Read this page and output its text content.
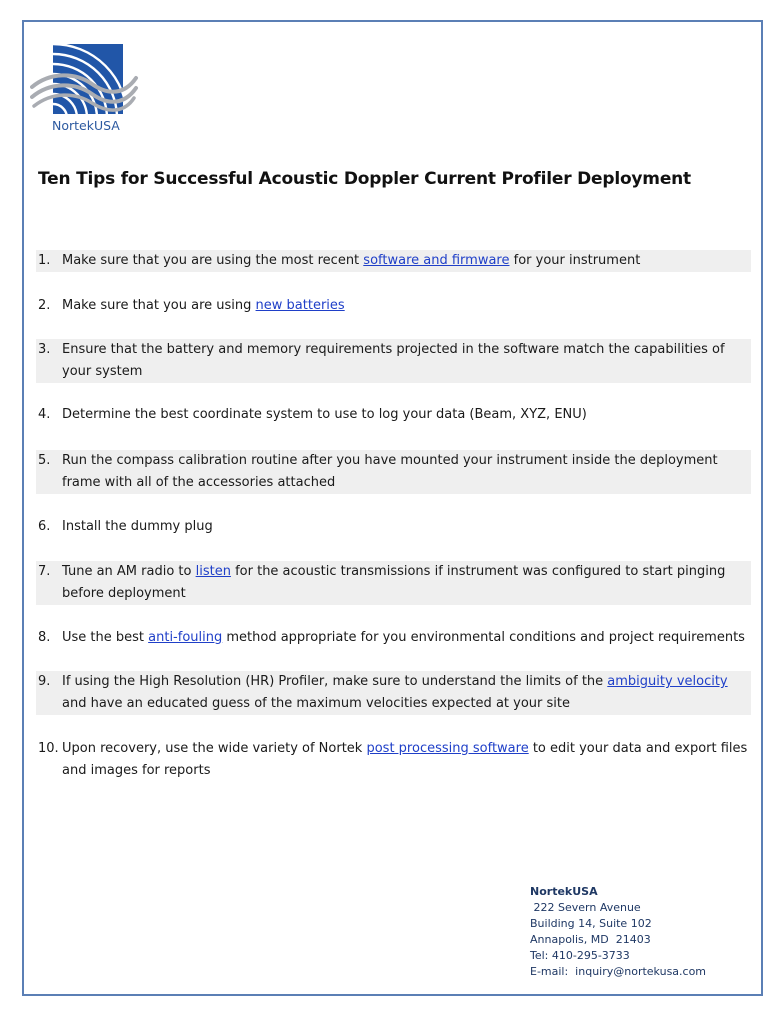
NortekUSA
Ten Tips for Successful Acoustic Doppler Current Profiler Deployment
1. Make sure that you are using the most recent software and firmware for your instrument
2. Make sure that you are using new batteries
3. Ensure that the battery and memory requirements projected in the software match the capabilities of your system
4. Determine the best coordinate system to use to log your data (Beam, XYZ, ENU)
5. Run the compass calibration routine after you have mounted your instrument inside the deployment frame with all of the accessories attached
6. Install the dummy plug
7. Tune an AM radio to listen for the acoustic transmissions if instrument was configured to start pinging before deployment
8. Use the best anti-fouling method appropriate for you environmental conditions and project requirements
9. If using the High Resolution (HR) Profiler, make sure to understand the limits of the ambiguity velocity and have an educated guess of the maximum velocities expected at your site
10. Upon recovery, use the wide variety of Nortek post processing software to edit your data and export files and images for reports
NortekUSA
222 Severn Avenue
Building 14, Suite 102
Annapolis, MD  21403
Tel: 410-295-3733
E-mail:  inquiry@nortekusa.com
